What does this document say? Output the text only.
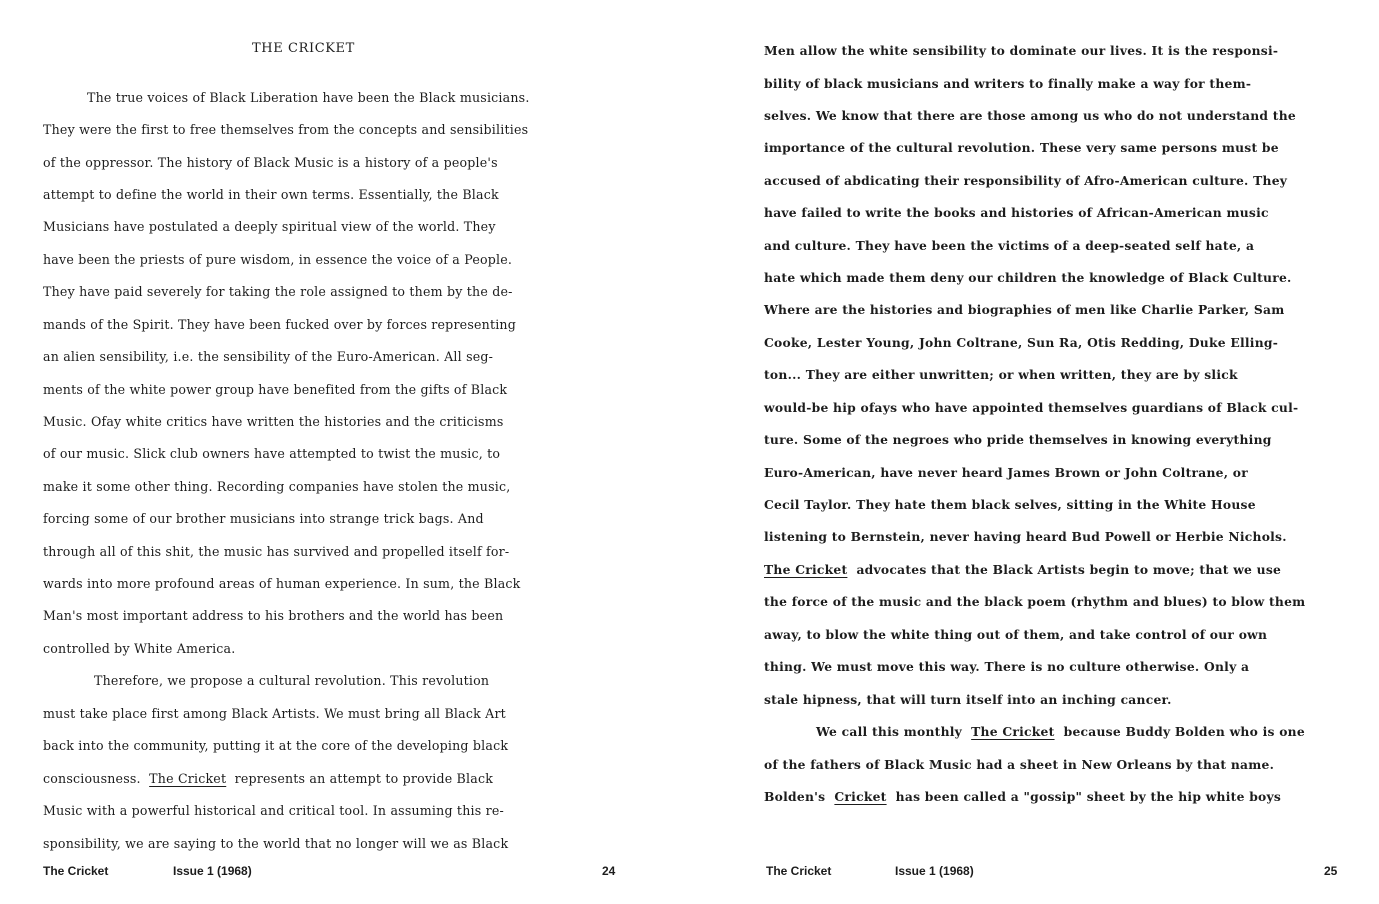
THE CRICKET
The true voices of Black Liberation have been the Black musicians.
They were the first to free themselves from the concepts and sensibilities
of the oppressor. The history of Black Music is a history of a people's
attempt to define the world in their own terms. Essentially, the Black
Musicians have postulated a deeply spiritual view of the world. They
have been the priests of pure wisdom, in essence the voice of a People.
They have paid severely for taking the role assigned to them by the de-
mands of the Spirit. They have been fucked over by forces representing
an alien sensibility, i.e. the sensibility of the Euro-American. All seg-
ments of the white power group have benefited from the gifts of Black
Music. Ofay white critics have written the histories and the criticisms
of our music. Slick club owners have attempted to twist the music, to
make it some other thing. Recording companies have stolen the music,
forcing some of our brother musicians into strange trick bags. And
through all of this shit, the music has survived and propelled itself for-
wards into more profound areas of human experience. In sum, the Black
Man's most important address to his brothers and the world has been
controlled by White America.
Therefore, we propose a cultural revolution. This revolution
must take place first among Black Artists. We must bring all Black Art
back into the community, putting it at the core of the developing black
consciousness. The Cricket represents an attempt to provide Black
Music with a powerful historical and critical tool. In assuming this re-
sponsibility, we are saying to the world that no longer will we as Black
The Cricket	Issue 1 (1968)	24
Men allow the white sensibility to dominate our lives. It is the responsi-
bility of black musicians and writers to finally make a way for them-
selves. We know that there are those among us who do not understand the
importance of the cultural revolution. These very same persons must be
accused of abdicating their responsibility of Afro-American culture. They
have failed to write the books and histories of African-American music
and culture. They have been the victims of a deep-seated self hate, a
hate which made them deny our children the knowledge of Black Culture.
Where are the histories and biographies of men like Charlie Parker, Sam
Cooke, Lester Young, John Coltrane, Sun Ra, Otis Redding, Duke Elling-
ton... They are either unwritten; or when written, they are by slick
would-be hip ofays who have appointed themselves guardians of Black cul-
ture. Some of the negroes who pride themselves in knowing everything
Euro-American, have never heard James Brown or John Coltrane, or
Cecil Taylor. They hate them black selves, sitting in the White House
listening to Bernstein, never having heard Bud Powell or Herbie Nichols.
The Cricket advocates that the Black Artists begin to move; that we use
the force of the music and the black poem (rhythm and blues) to blow them
away, to blow the white thing out of them, and take control of our own
thing. We must move this way. There is no culture otherwise. Only a
stale hipness, that will turn itself into an inching cancer.
We call this monthly The Cricket because Buddy Bolden who is one
of the fathers of Black Music had a sheet in New Orleans by that name.
Bolden's Cricket has been called a "gossip" sheet by the hip white boys
The Cricket	Issue 1 (1968)	25
